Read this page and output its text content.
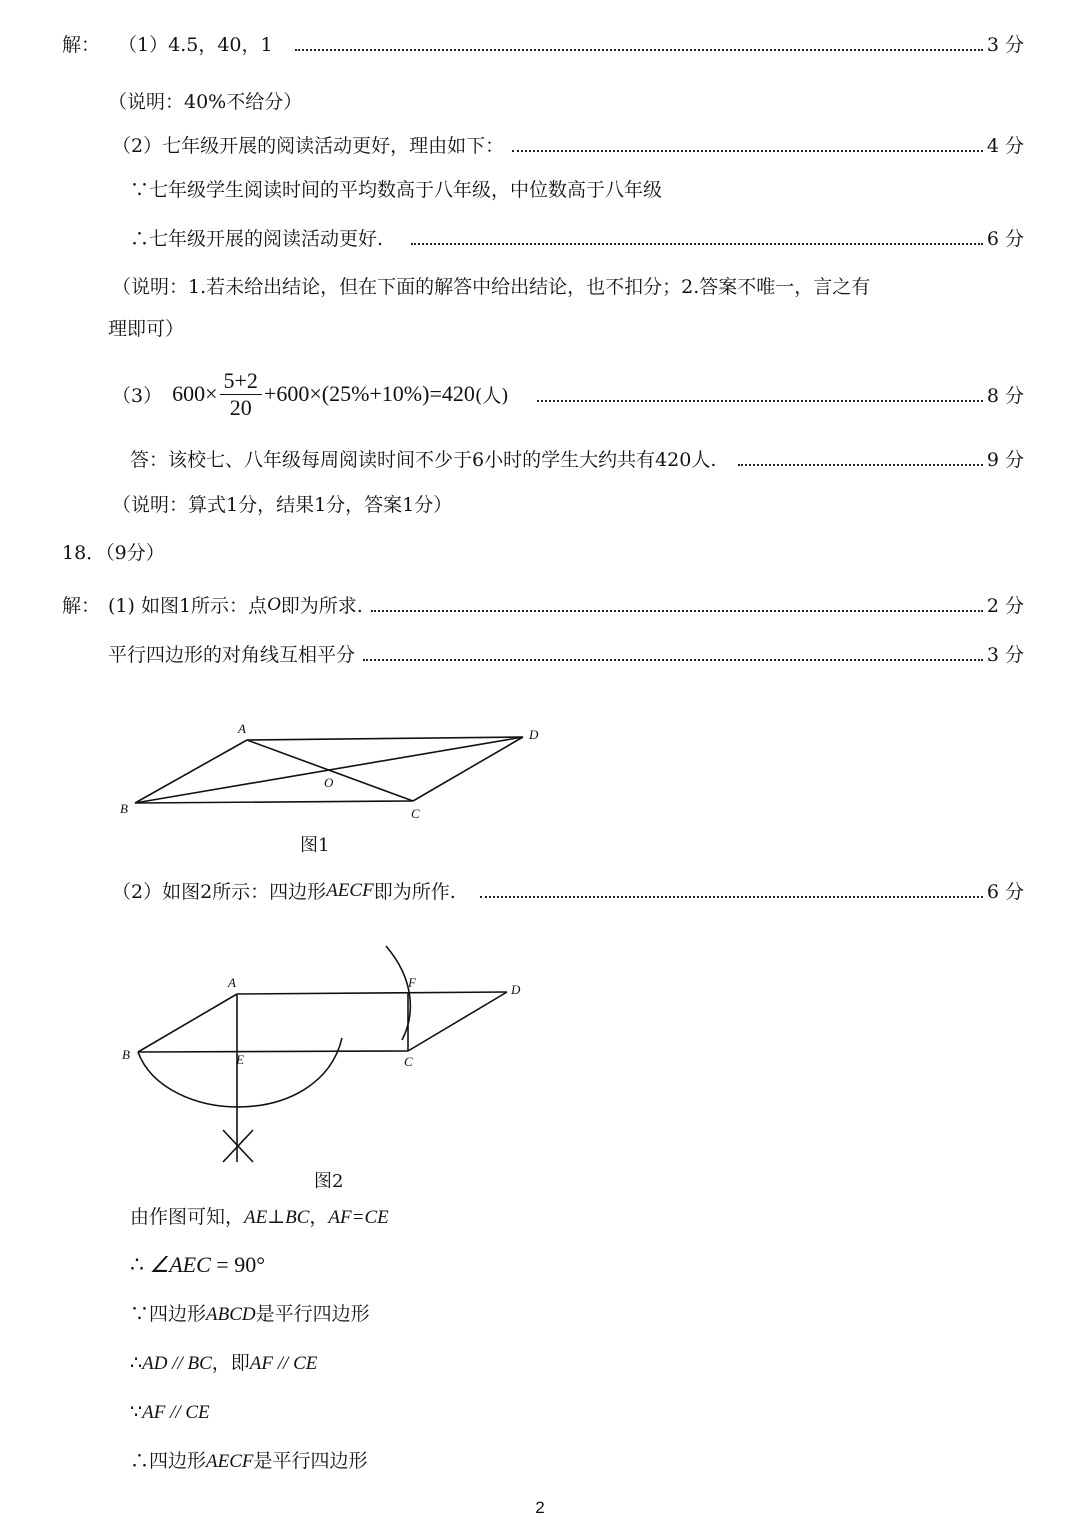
解： （1）4.5，40，1	3 分
（说明：40%不给分）
（2）七年级开展的阅读活动更好，理由如下：	4 分
∵七年级学生阅读时间的平均数高于八年级，中位数高于八年级
∴七年级开展的阅读活动更好.	6 分
（说明：1.若未给出结论，但在下面的解答中给出结论，也不扣分；2.答案不唯一，言之有
理即可）
（3） $600\times \frac{5+2}{20} +600\times(25\%+10\%)=420$ (人)	8 分
答：该校七、八年级每周阅读时间不少于6小时的学生大约共有420人.	9 分
（说明：算式1分，结果1分，答案1分）
18．（9分）
解： (1) 如图1所示：点 O 即为所求.	2 分
平行四边形的对角线互相平分	3 分
A	D
O
B	C
图1
（2）如图2所示：四边形 AECF 即为所作.	6 分
A	F	D
B	E	C
图2
由作图可知，AE⊥BC，AF=CE
∴ ∠AEC = 90°
∵四边形ABCD是平行四边形
∴AD // BC，即AF // CE
∵AF // CE
∴四边形AECF是平行四边形
2
